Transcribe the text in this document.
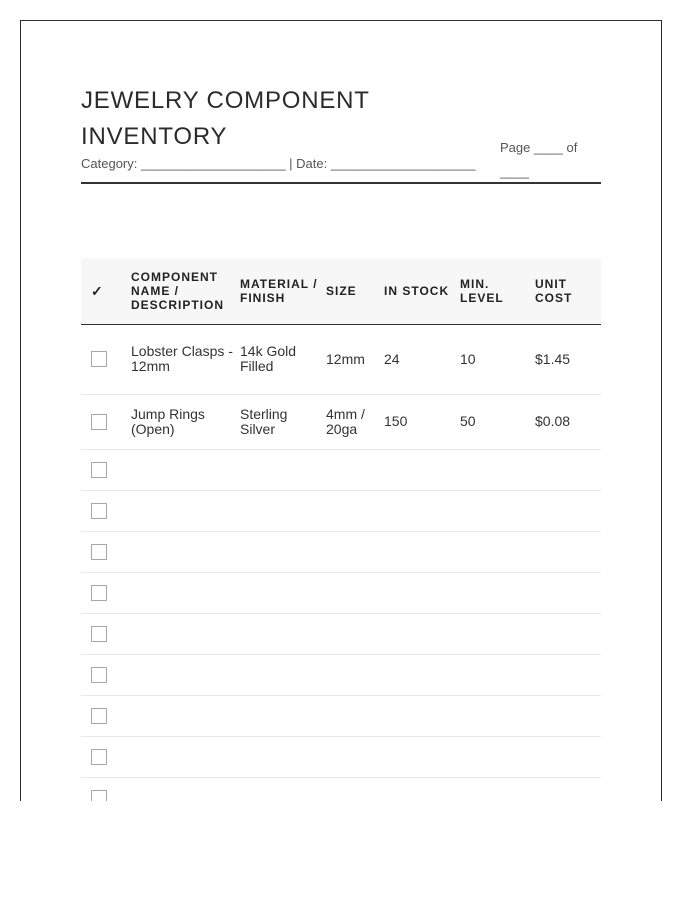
JEWELRY COMPONENT INVENTORY
Category: ____________________ | Date: ____________________
Page ____ of ____
✓	COMPONENT NAME / DESCRIPTION	MATERIAL / FINISH	SIZE	IN STOCK	MIN. LEVEL	UNIT COST
	Lobster Clasps - 12mm	14k Gold Filled	12mm	24	10	$1.45
	Jump Rings (Open)	Sterling Silver	4mm / 20ga	150	50	$0.08
